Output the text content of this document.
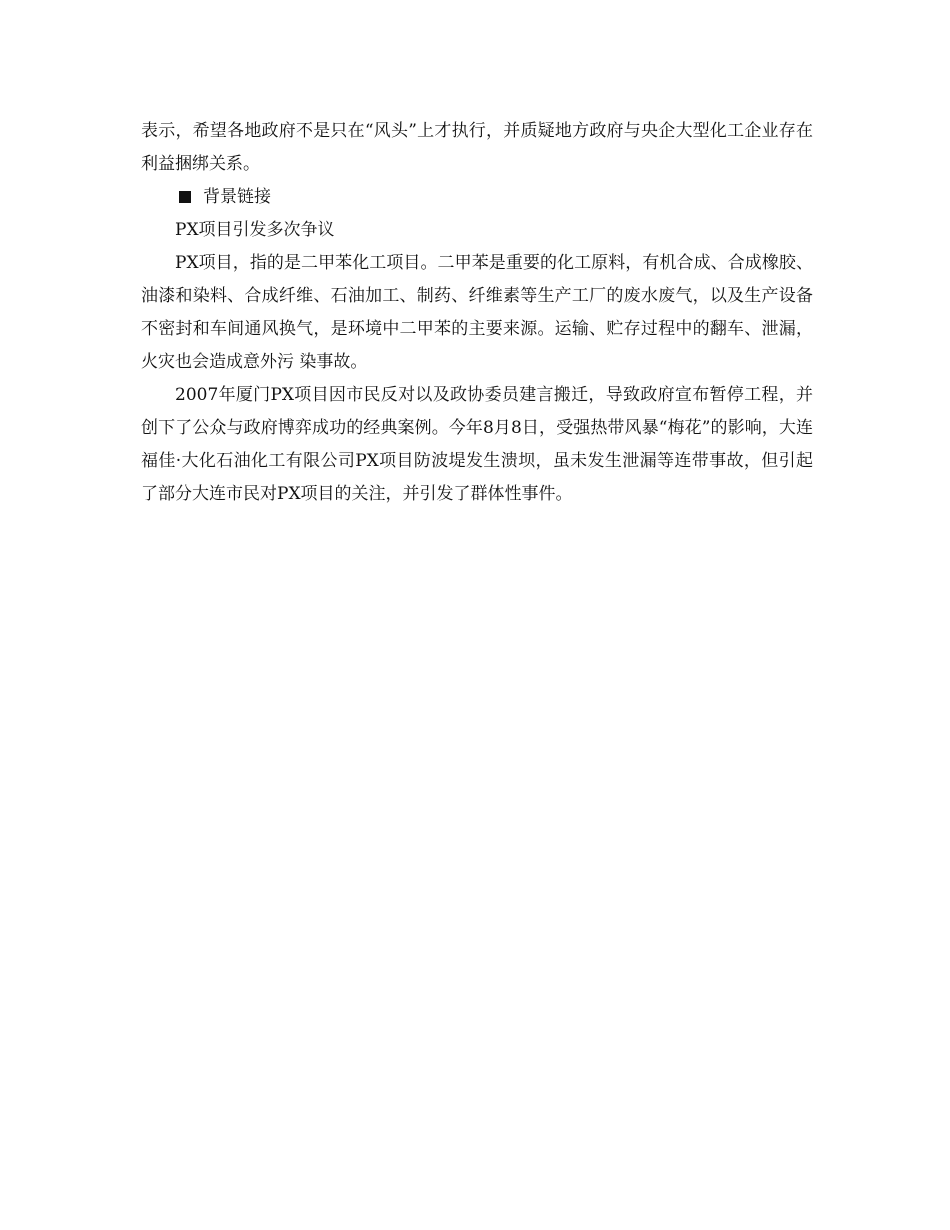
表示，希望各地政府不是只在“风头”上才执行，并质疑地方政府与央企大型化工企业存在利益捆绑关系。

背景链接

PX项目引发多次争议

PX项目，指的是二甲苯化工项目。二甲苯是重要的化工原料，有机合成、合成橡胶、油漆和染料、合成纤维、石油加工、制药、纤维素等生产工厂的废水废气，以及生产设备不密封和车间通风换气，是环境中二甲苯的主要来源。运输、贮存过程中的翻车、泄漏，火灾也会造成意外污 染事故。

2007年厦门PX项目因市民反对以及政协委员建言搬迁，导致政府宣布暂停工程，并创下了公众与政府博弈成功的经典案例。今年8月8日，受强热带风暴“梅花”的影响，大连福佳·大化石油化工有限公司PX项目防波堤发生溃坝，虽未发生泄漏等连带事故，但引起了部分大连市民对PX项目的关注，并引发了群体性事件。
